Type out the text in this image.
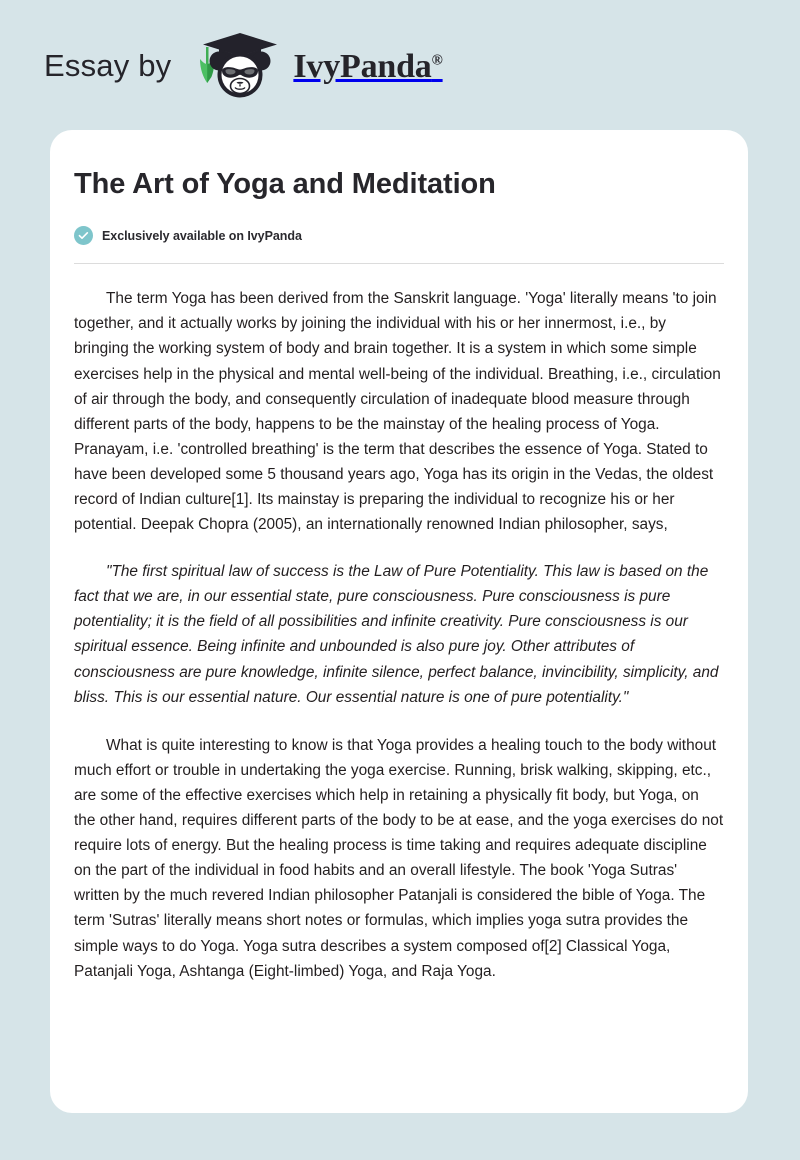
Essay by	IvyPanda®
The Art of Yoga and Meditation
Exclusively available on IvyPanda

The term Yoga has been derived from the Sanskrit language. 'Yoga' literally means 'to join together, and it actually works by joining the individual with his or her innermost, i.e., by bringing the working system of body and brain together. It is a system in which some simple exercises help in the physical and mental well-being of the individual. Breathing, i.e., circulation of air through the body, and consequently circulation of inadequate blood measure through different parts of the body, happens to be the mainstay of the healing process of Yoga. Pranayam, i.e. 'controlled breathing' is the term that describes the essence of Yoga. Stated to have been developed some 5 thousand years ago, Yoga has its origin in the Vedas, the oldest record of Indian culture[1]. Its mainstay is preparing the individual to recognize his or her potential. Deepak Chopra (2005), an internationally renowned Indian philosopher, says,

"The first spiritual law of success is the Law of Pure Potentiality. This law is based on the fact that we are, in our essential state, pure consciousness. Pure consciousness is pure potentiality; it is the field of all possibilities and infinite creativity. Pure consciousness is our spiritual essence. Being infinite and unbounded is also pure joy. Other attributes of consciousness are pure knowledge, infinite silence, perfect balance, invincibility, simplicity, and bliss. This is our essential nature. Our essential nature is one of pure potentiality."

What is quite interesting to know is that Yoga provides a healing touch to the body without much effort or trouble in undertaking the yoga exercise. Running, brisk walking, skipping, etc., are some of the effective exercises which help in retaining a physically fit body, but Yoga, on the other hand, requires different parts of the body to be at ease, and the yoga exercises do not require lots of energy. But the healing process is time taking and requires adequate discipline on the part of the individual in food habits and an overall lifestyle. The book 'Yoga Sutras' written by the much revered Indian philosopher Patanjali is considered the bible of Yoga. The term 'Sutras' literally means short notes or formulas, which implies yoga sutra provides the simple ways to do Yoga. Yoga sutra describes a system composed of[2] Classical Yoga, Patanjali Yoga, Ashtanga (Eight-limbed) Yoga, and Raja Yoga.
